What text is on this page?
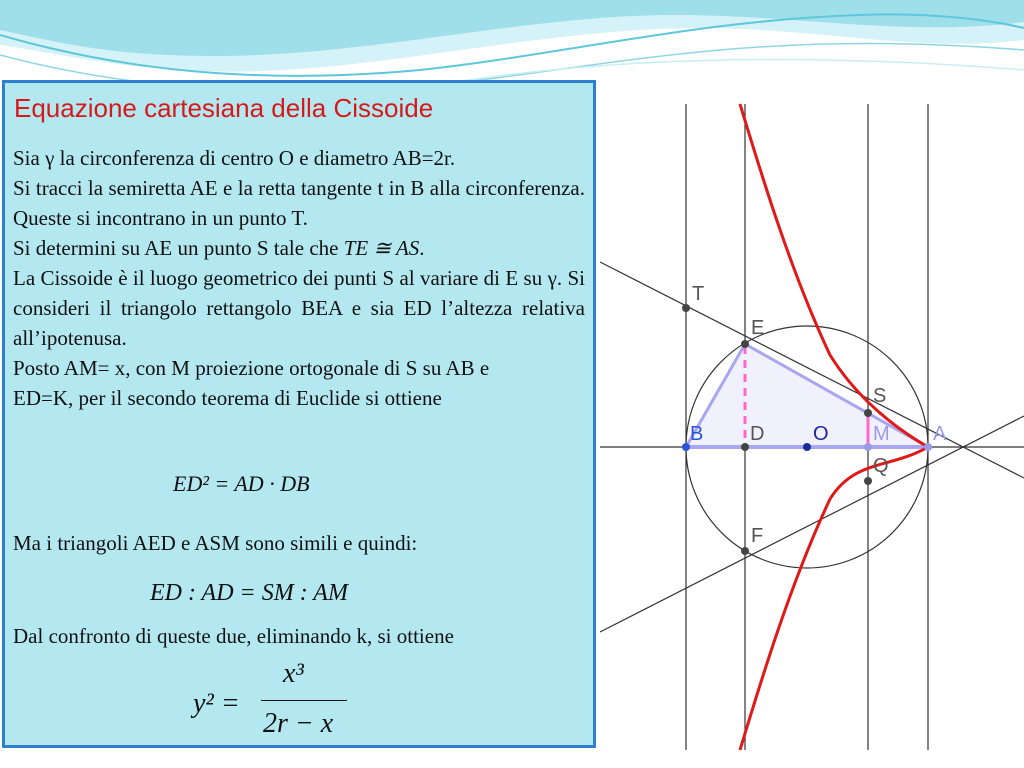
Equazione cartesiana della Cissoide

Sia γ la circonferenza di centro O e diametro AB=2r.

Si tracci la semiretta AE e la retta tangente t in B alla circonferenza. Queste si incontrano in un punto T.

Si determini su AE un punto S tale che TE ≅ AS.

La Cissoide è il luogo geometrico dei punti S al variare di E su γ. Si consideri il triangolo rettangolo BEA e sia ED l’altezza relativa all’ipotenusa.

Posto AM= x, con M proiezione ortogonale di S su AB e ED=K, per il secondo teorema di Euclide si ottiene

ED² = AD · DB

Ma i triangoli AED e ASM sono simili e quindi:

ED : AD = SM : AM

Dal confronto di queste due, eliminando k, si ottiene

y² =
x³
2r − x
T
E
S
B D O M A
Q
F
